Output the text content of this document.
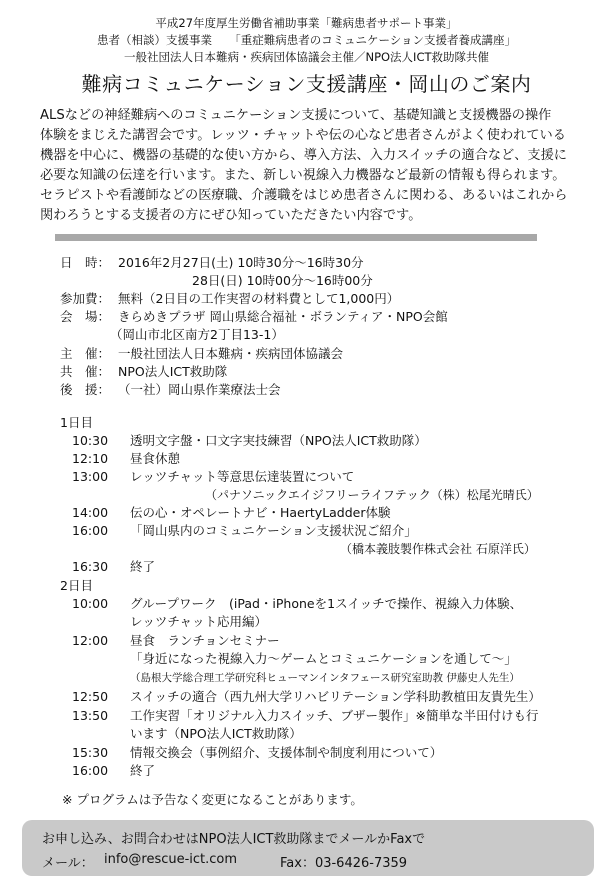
平成27年度厚生労働省補助事業「難病患者サポート事業」
患者（相談）支援事業　　「重症難病患者のコミュニケーション支援者養成講座」
一般社団法人日本難病・疾病団体協議会主催／NPO法人ICT救助隊共催
難病コミュニケーション支援講座・岡山のご案内

ALSなどの神経難病へのコミュニケーション支援について、基礎知識と支援機器の操作

体験をまじえた講習会です。レッツ・チャットや伝の心など患者さんがよく使われている

機器を中心に、機器の基礎的な使い方から、導入方法、入力スイッチの適合など、支援に

必要な知識の伝達を行います。また、新しい視線入力機器など最新の情報も得られます。

セラピストや看護師などの医療職、介護職をはじめ患者さんに関わる、あるいはこれから

関わろうとする支援者の方にぜひ知っていただきたい内容です。

日　時： 2016年2月27日(土) 10時30分～16時30分
28日(日) 10時00分～16時00分
参加費： 無料（2日目の工作実習の材料費として1,000円）
会　場： きらめきプラザ 岡山県総合福祉・ボランティア・NPO会館
（岡山市北区南方2丁目13-1）
主　催： 一般社団法人日本難病・疾病団体協議会
共　催： NPO法人ICT救助隊
後　援： （一社）岡山県作業療法士会
1日目
10:30 透明文字盤・口文字実技練習（NPO法人ICT救助隊）
12:10 昼食休憩
13:00 レッツチャット等意思伝達装置について
（パナソニックエイジフリーライフテック（株）松尾光晴氏）
14:00 伝の心・オペレートナビ・HaertyLadder体験
16:00 「岡山県内のコミュニケーション支援状況ご紹介」
（橋本義肢製作株式会社 石原洋氏）
16:30 終了
2日目
10:00 グループワーク　(iPad・iPhoneを1スイッチで操作、視線入力体験、
レッツチャット応用編）
12:00 昼食　ランチョンセミナー
「身近になった視線入力～ゲームとコミュニケーションを通して～」
（島根大学総合理工学研究科ヒューマンインタフェース研究室助教 伊藤史人先生）
12:50 スイッチの適合（西九州大学リハビリテーション学科助教植田友貴先生）
13:50 工作実習「オリジナル入力スイッチ、ブザー製作」※簡単な半田付けも行
います（NPO法人ICT救助隊）
15:30 情報交換会（事例紹介、支援体制や制度利用について）
16:00 終了
※ プログラムは予告なく変更になることがあります。
お申し込み、お問合わせはNPO法人ICT救助隊までメールかFaxで
メール： info@rescue-ict.com	Fax：03-6426-7359
